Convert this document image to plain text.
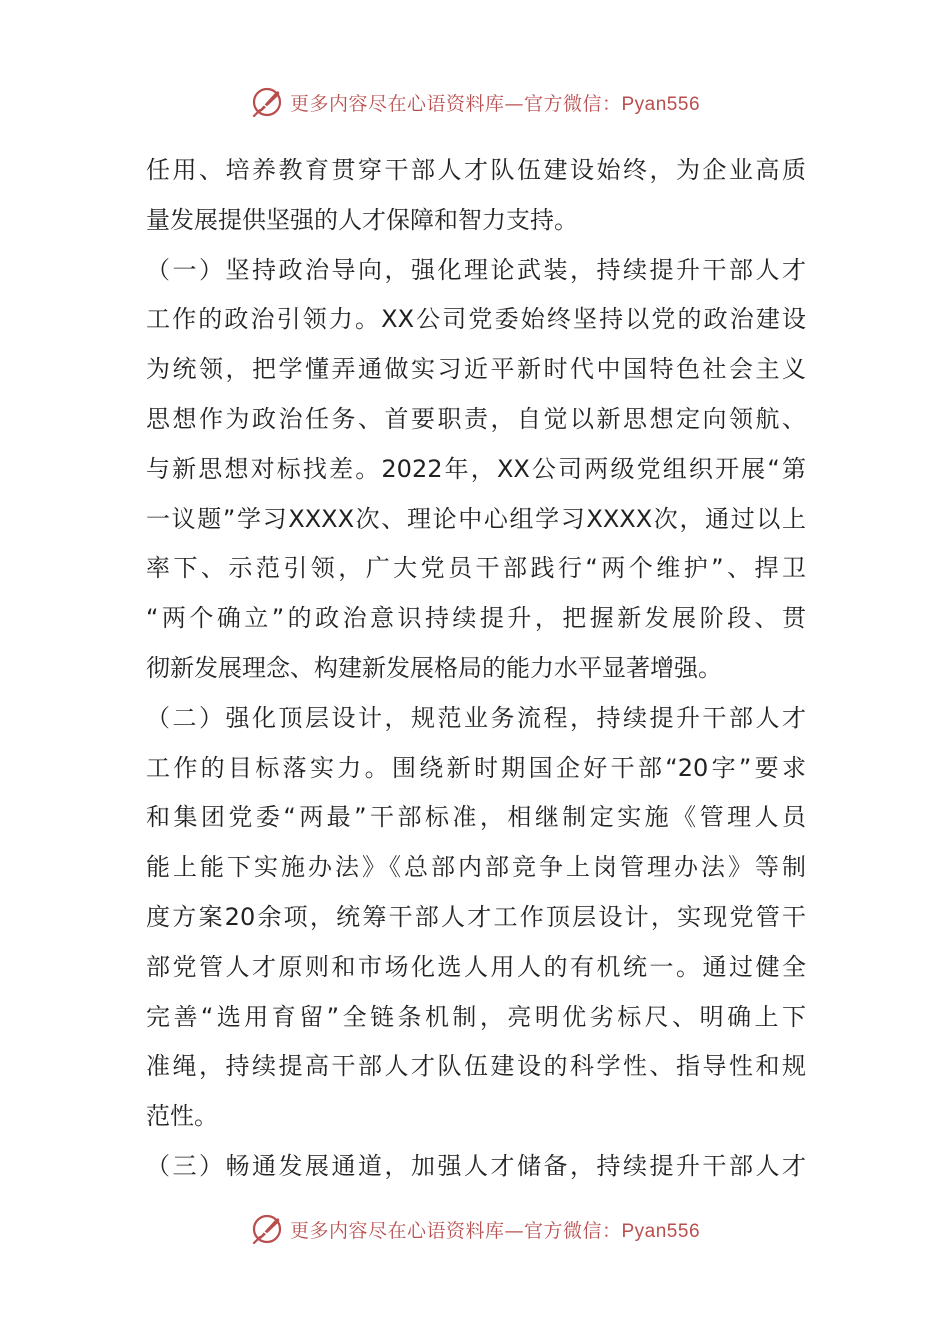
更多内容尽在心语资料库—官方微信：Pyan556
任用、培养教育贯穿干部人才队伍建设始终，为企业高质
量发展提供坚强的人才保障和智力支持。
（一）坚持政治导向，强化理论武装，持续提升干部人才
工作的政治引领力。XX公司党委始终坚持以党的政治建设
为统领，把学懂弄通做实习近平新时代中国特色社会主义
思想作为政治任务、首要职责，自觉以新思想定向领航、
与新思想对标找差。2022年，XX公司两级党组织开展“第
一议题”学习XXXX次、理论中心组学习XXXX次，通过以上
率下、示范引领，广大党员干部践行“两个维护”、捍卫
“两个确立”的政治意识持续提升，把握新发展阶段、贯
彻新发展理念、构建新发展格局的能力水平显著增强。
（二）强化顶层设计，规范业务流程，持续提升干部人才
工作的目标落实力。围绕新时期国企好干部“20字”要求
和集团党委“两最”干部标准，相继制定实施《管理人员
能上能下实施办法》《总部内部竞争上岗管理办法》等制
度方案20余项，统筹干部人才工作顶层设计，实现党管干
部党管人才原则和市场化选人用人的有机统一。通过健全
完善“选用育留”全链条机制，亮明优劣标尺、明确上下
准绳，持续提高干部人才队伍建设的科学性、指导性和规
范性。
（三）畅通发展通道，加强人才储备，持续提升干部人才
更多内容尽在心语资料库—官方微信：Pyan556
